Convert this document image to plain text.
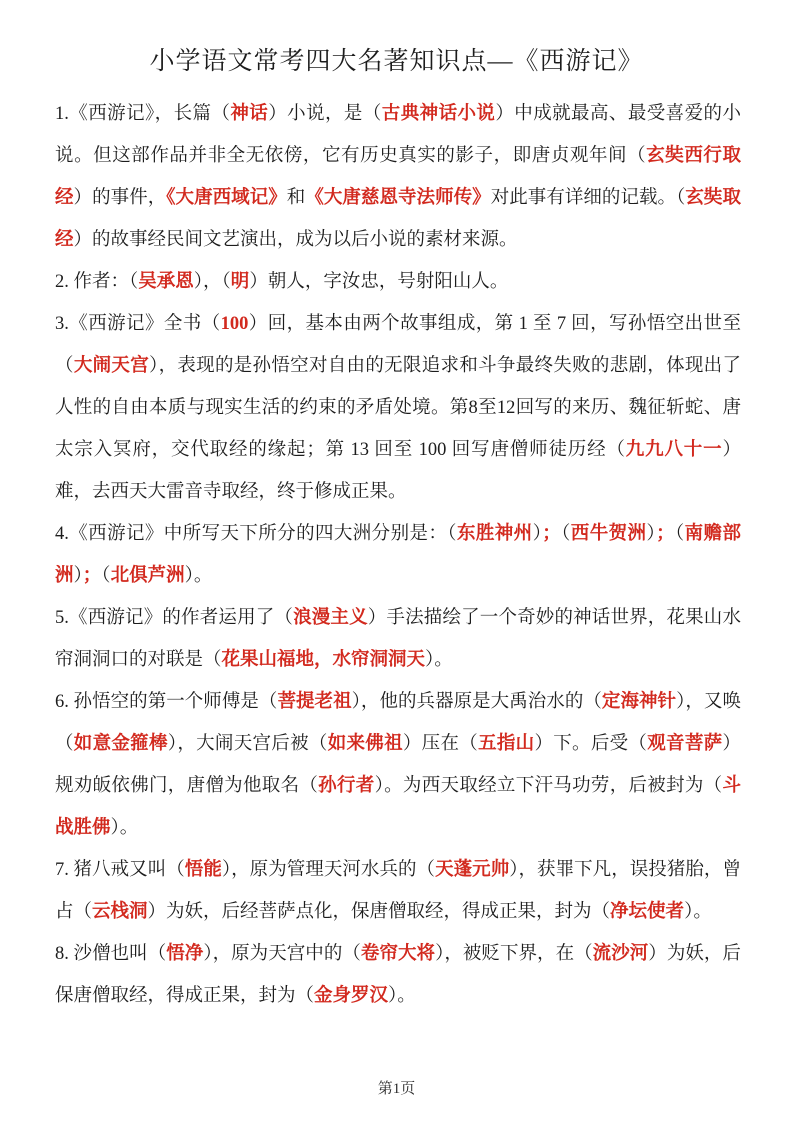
小学语文常考四大名著知识点—《西游记》

1.《西游记》，长篇（神话）小说，是（古典神话小说）中成就最高、最受喜爱的小说。但这部作品并非全无依傍，它有历史真实的影子，即唐贞观年间（玄奘西行取经）的事件，《大唐西域记》和《大唐慈恩寺法师传》对此事有详细的记载。（玄奘取经）的故事经民间文艺演出，成为以后小说的素材来源。

2. 作者：（吴承恩），（明）朝人，字汝忠，号射阳山人。

3.《西游记》全书（100）回，基本由两个故事组成，第 1 至 7 回，写孙悟空出世至（大闹天宫），表现的是孙悟空对自由的无限追求和斗争最终失败的悲剧，体现出了人性的自由本质与现实生活的约束的矛盾处境。第8至12回写的来历、魏征斩蛇、唐太宗入冥府，交代取经的缘起；第 13 回至 100 回写唐僧师徒历经（九九八十一）难，去西天大雷音寺取经，终于修成正果。

4.《西游记》中所写天下所分的四大洲分别是：（东胜神州）；（西牛贺洲）；（南赡部洲）；（北俱芦洲）。

5.《西游记》的作者运用了（浪漫主义）手法描绘了一个奇妙的神话世界，花果山水帘洞洞口的对联是（花果山福地，水帘洞洞天）。

6. 孙悟空的第一个师傅是（菩提老祖），他的兵器原是大禹治水的（定海神针），又唤（如意金箍棒），大闹天宫后被（如来佛祖）压在（五指山）下。后受（观音菩萨）规劝皈依佛门，唐僧为他取名（孙行者）。为西天取经立下汗马功劳，后被封为（斗战胜佛）。

7. 猪八戒又叫（悟能），原为管理天河水兵的（天蓬元帅），获罪下凡，误投猪胎，曾占（云栈洞）为妖，后经菩萨点化，保唐僧取经，得成正果，封为（净坛使者）。

8. 沙僧也叫（悟净），原为天宫中的（卷帘大将），被贬下界，在（流沙河）为妖，后保唐僧取经，得成正果，封为（金身罗汉）。

第1页
